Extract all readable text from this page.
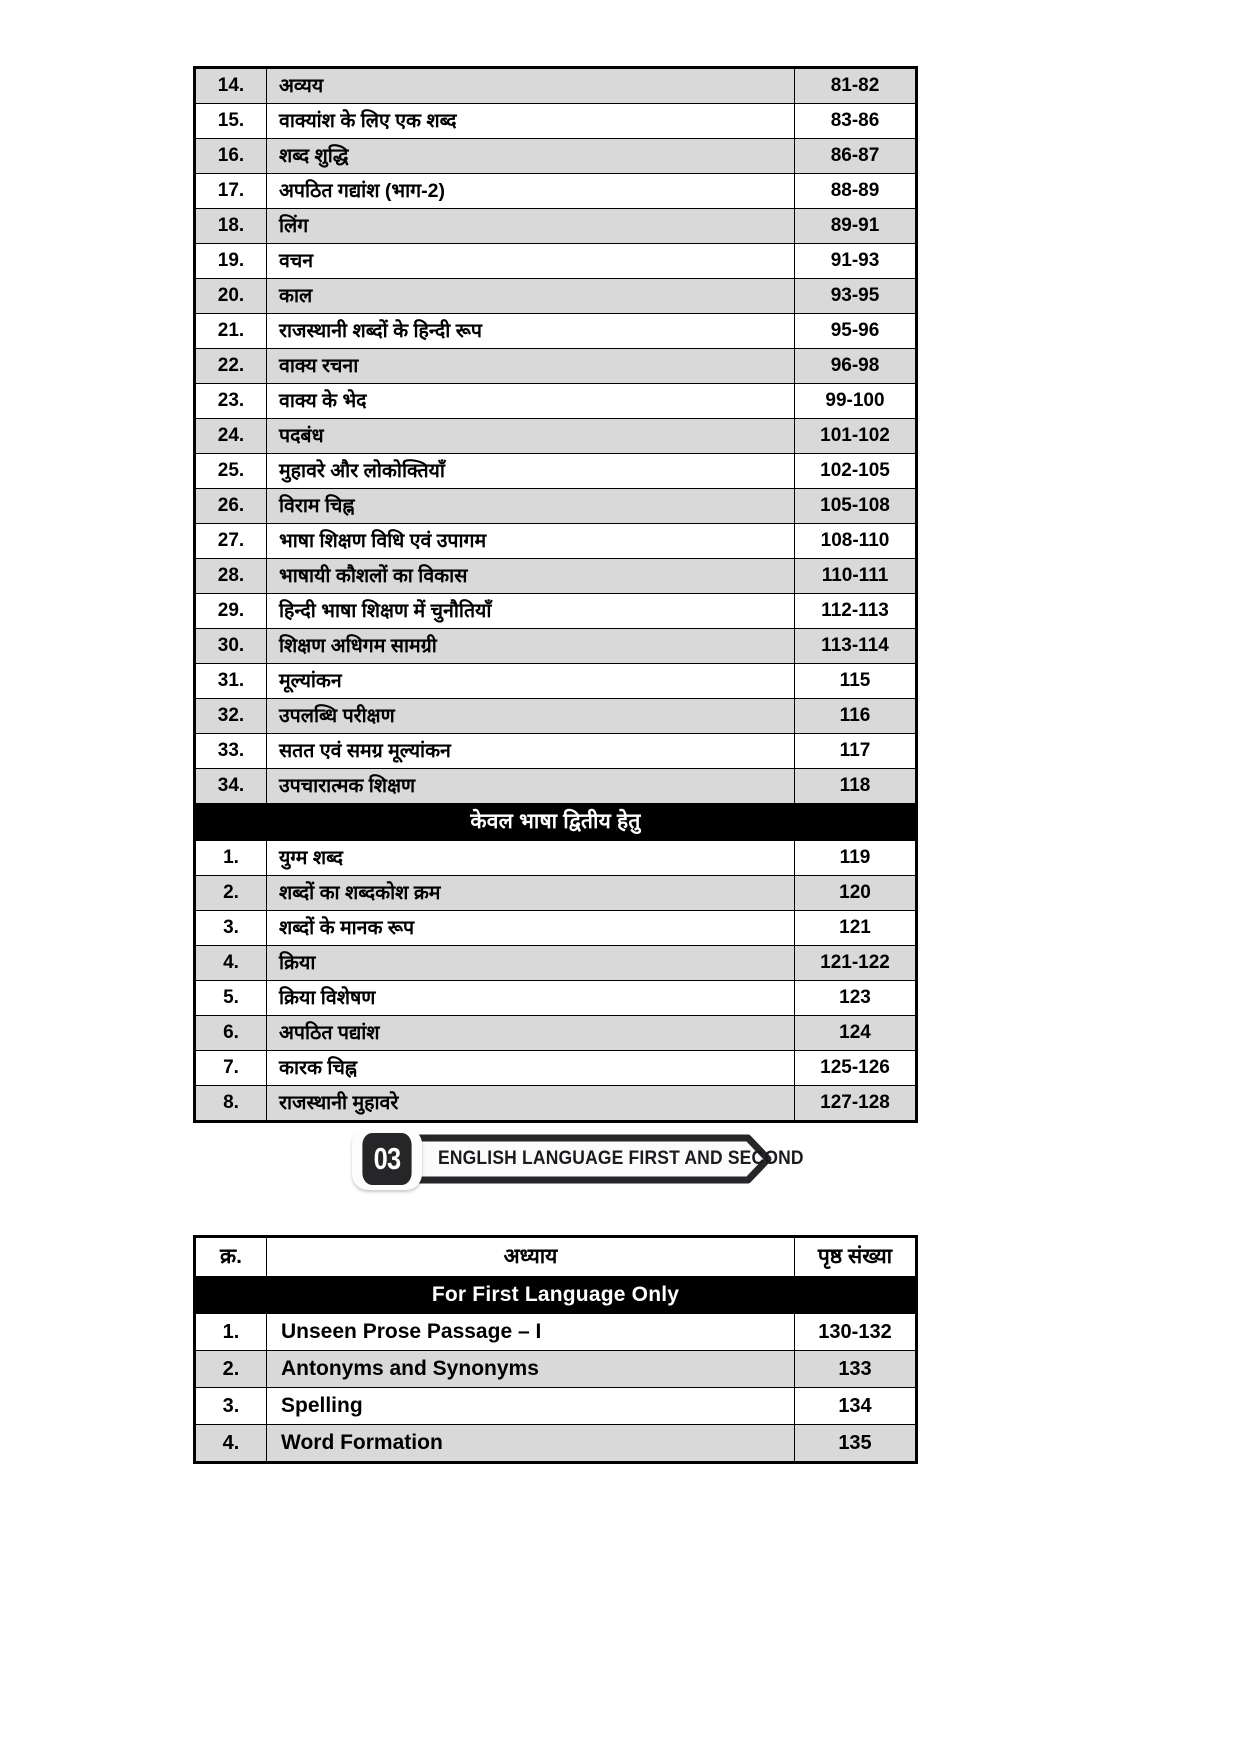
14.	अव्यय	81-82
15.	वाक्यांश के लिए एक शब्द	83-86
16.	शब्द शुद्धि	86-87
17.	अपठित गद्यांश (भाग-2)	88-89
18.	लिंग	89-91
19.	वचन	91-93
20.	काल	93-95
21.	राजस्थानी शब्दों के हिन्दी रूप	95-96
22.	वाक्य रचना	96-98
23.	वाक्य के भेद	99-100
24.	पदबंध	101-102
25.	मुहावरे और लोकोक्तियाँ	102-105
26.	विराम चिह्न	105-108
27.	भाषा शिक्षण विधि एवं उपागम	108-110
28.	भाषायी कौशलों का विकास	110-111
29.	हिन्दी भाषा शिक्षण में चुनौतियाँ	112-113
30.	शिक्षण अधिगम सामग्री	113-114
31.	मूल्यांकन	115
32.	उपलब्धि परीक्षण	116
33.	सतत एवं समग्र मूल्यांकन	117
34.	उपचारात्मक शिक्षण	118
केवल भाषा द्वितीय हेतु		
1.	युग्म शब्द	119
2.	शब्दों का शब्दकोश क्रम	120
3.	शब्दों के मानक रूप	121
4.	क्रिया	121-122
5.	क्रिया विशेषण	123
6.	अपठित पद्यांश	124
7.	कारक चिह्न	125-126
8.	राजस्थानी मुहावरे	127-128
ENGLISH LANGUAGE FIRST AND SECOND
03
क्र.	अध्याय	पृष्ठ संख्या
For First Language Only		
1.	Unseen Prose Passage – I	130-132
2.	Antonyms and Synonyms	133
3.	Spelling	134
4.	Word Formation	135
